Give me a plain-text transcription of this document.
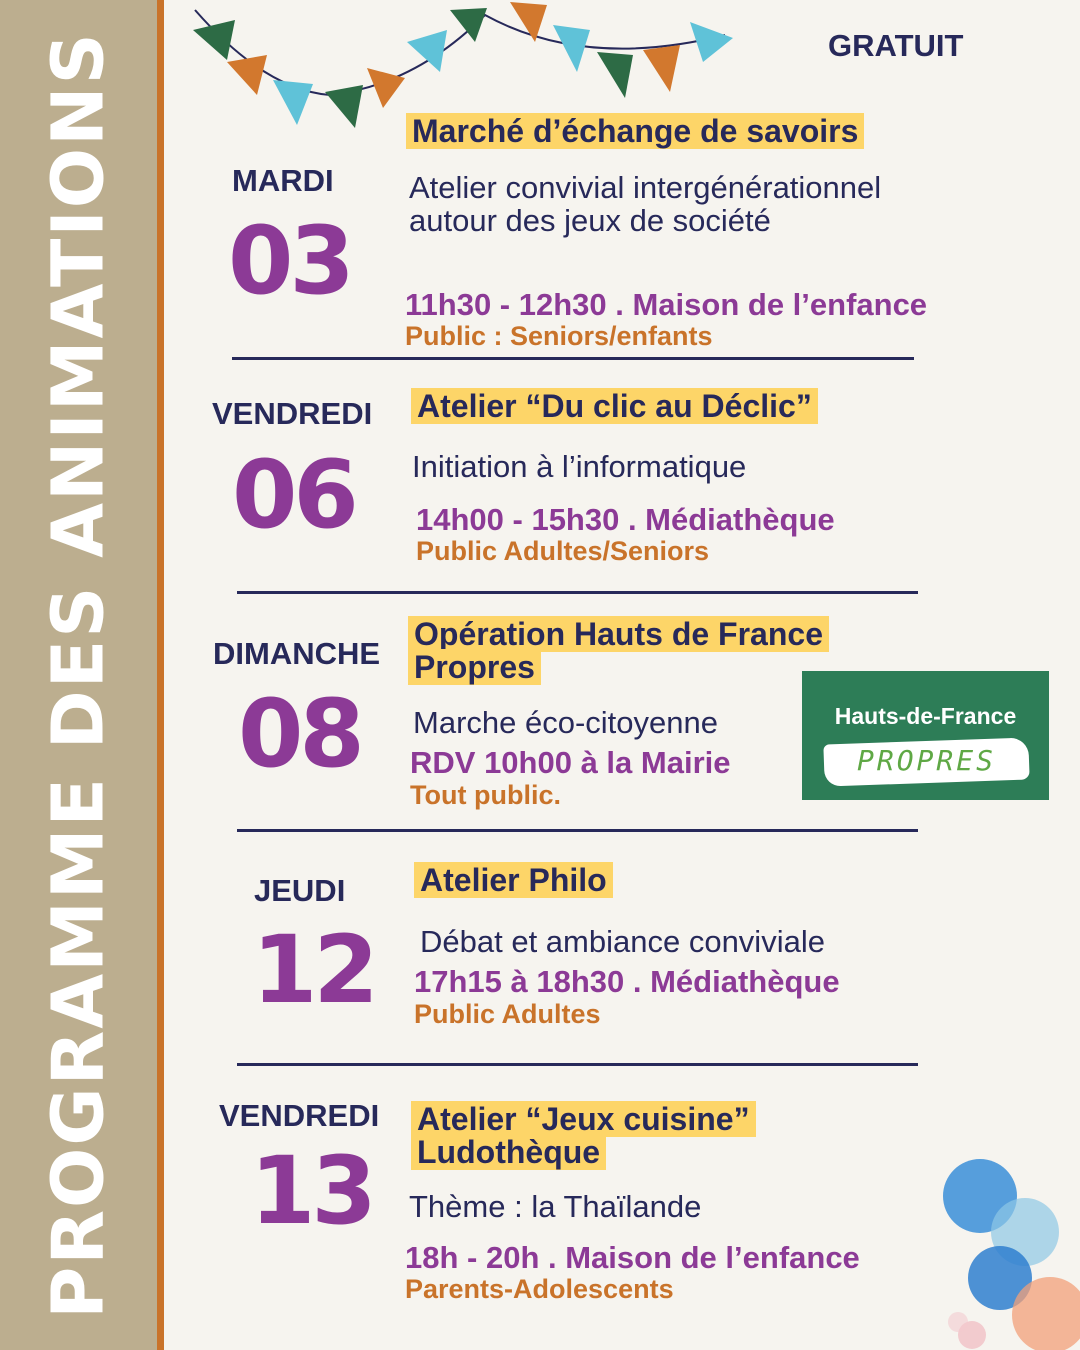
PROGRAMME DES ANIMATIONS	GRATUIT
MARDI
03
Marché d’échange de savoirs
Atelier convivial intergénérationnel autour des jeux de société
11h30 - 12h30 . Maison de l’enfance
Public : Seniors/enfants
VENDREDI
06
Atelier “Du clic au Déclic”
Initiation à l’informatique
14h00 - 15h30 . Médiathèque
Public Adultes/Seniors
DIMANCHE
08
Opération Hauts de France Propres
Marche éco-citoyenne
RDV 10h00 à la Mairie
Tout public.
Hauts-de-France
PROPRES
JEUDI
12
Atelier Philo
Débat et ambiance conviviale
17h15 à 18h30 . Médiathèque
Public Adultes
VENDREDI
13
Atelier “Jeux cuisine” Ludothèque
Thème : la Thaïlande
18h - 20h . Maison de l’enfance
Parents-Adolescents
